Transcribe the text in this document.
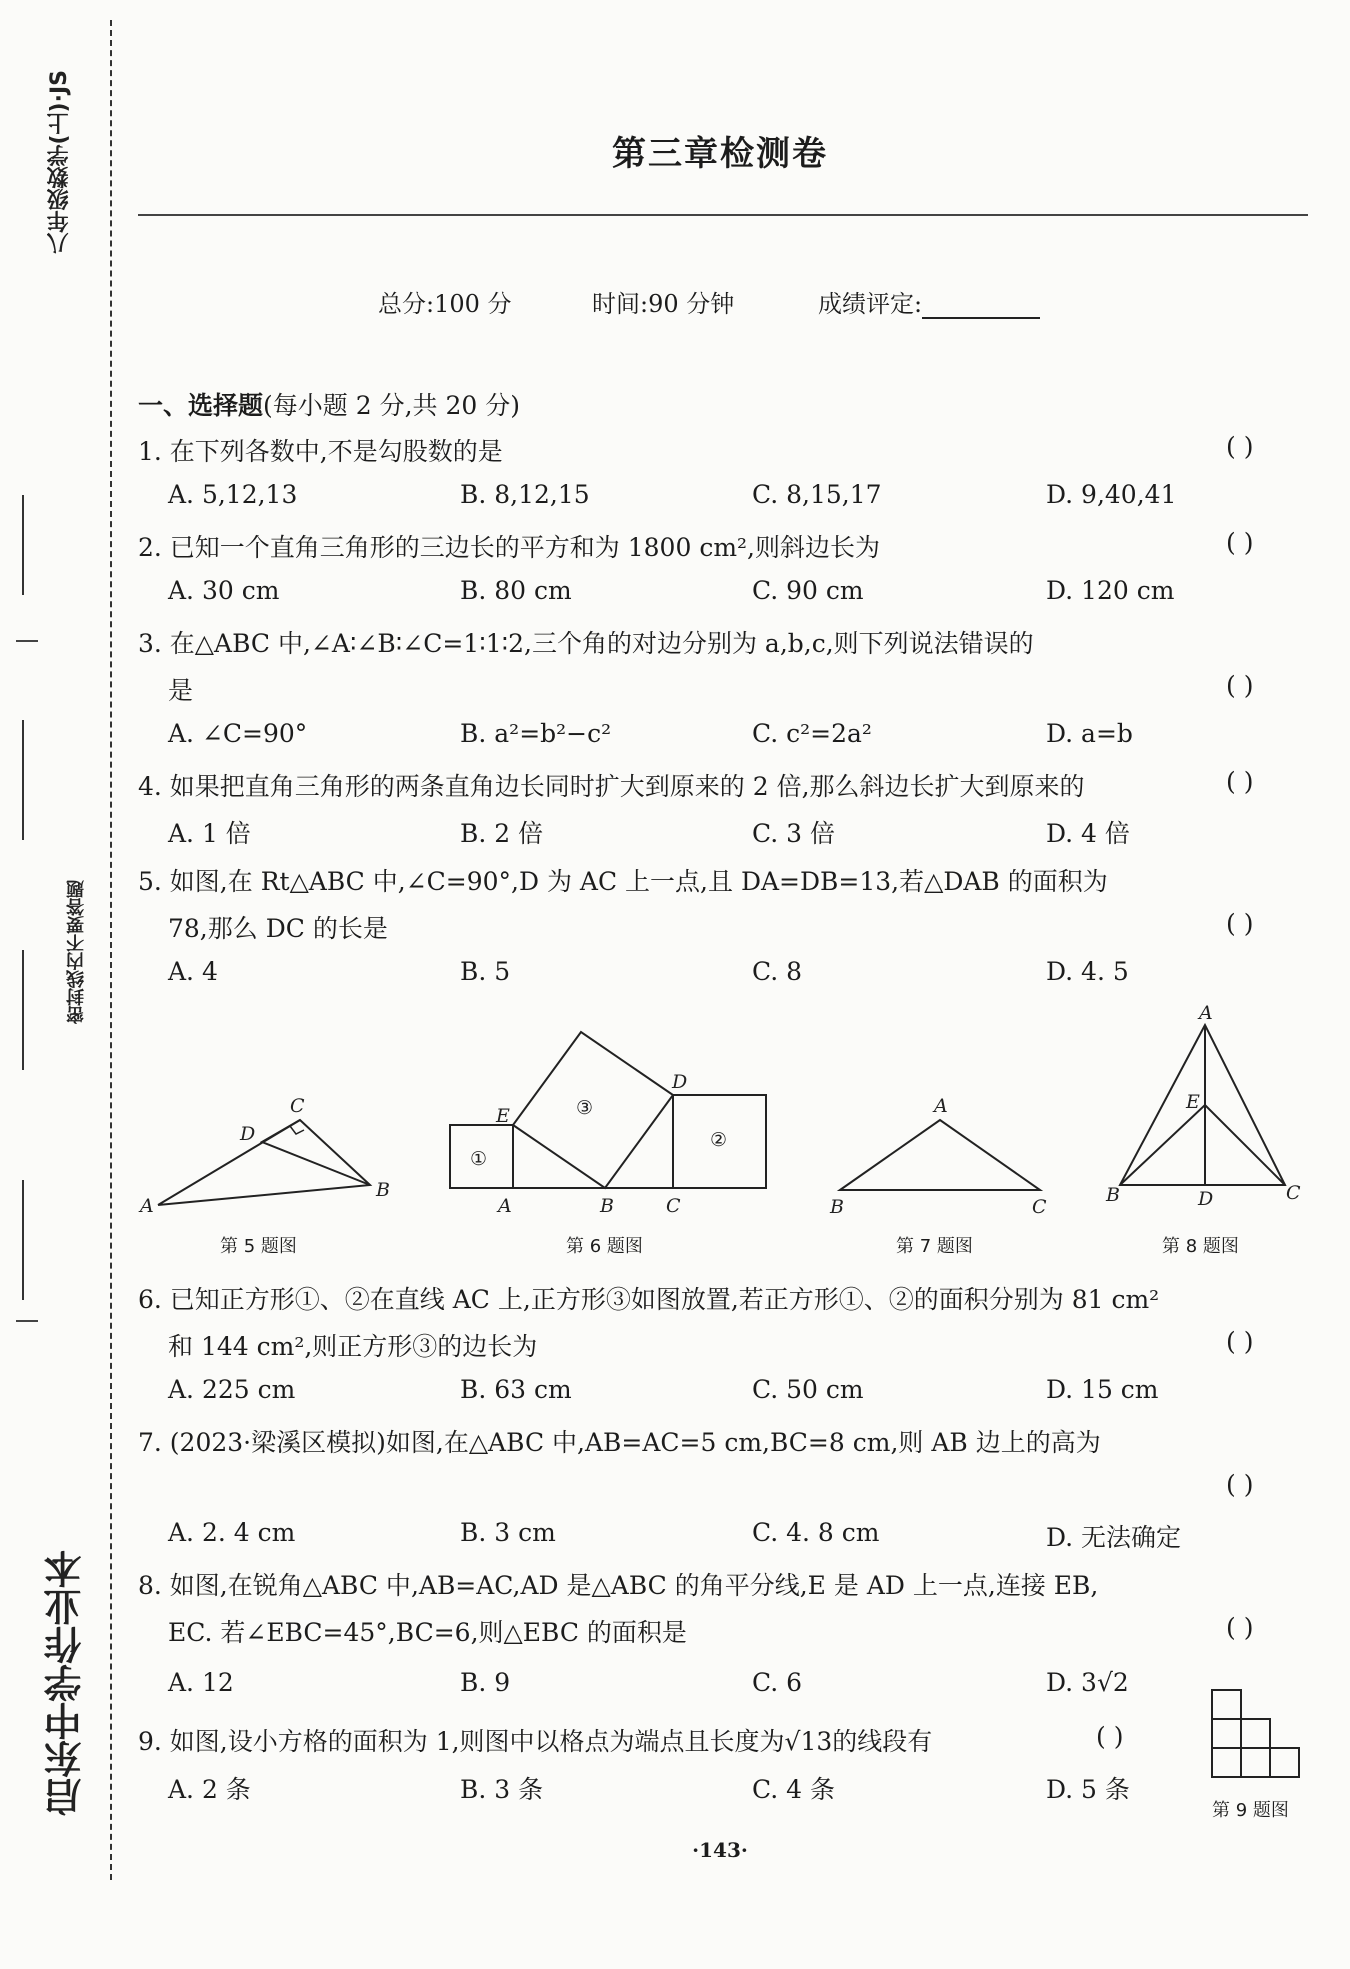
八年级数学(上)·JS
密封线内不要答题
启东中学作业本
第三章检测卷
总分:100 分	时间:90 分钟	成绩评定:
一、选择题(每小题 2 分,共 20 分)
1. 在下列各数中,不是勾股数的是	( )
A. 5,12,13	B. 8,12,15	C. 8,15,17	D. 9,40,41
2. 已知一个直角三角形的三边长的平方和为 1800 cm²,则斜边长为	( )
A. 30 cm	B. 80 cm	C. 90 cm	D. 120 cm
3. 在△ABC 中,∠A∶∠B∶∠C=1∶1∶2,三个角的对边分别为 a,b,c,则下列说法错误的
是	( )
A. ∠C=90°	B. a²=b²−c²	C. c²=2a²	D. a=b
4. 如果把直角三角形的两条直角边长同时扩大到原来的 2 倍,那么斜边长扩大到原来的	( )
A. 1 倍	B. 2 倍	C. 3 倍	D. 4 倍
5. 如图,在 Rt△ABC 中,∠C=90°,D 为 AC 上一点,且 DA=DB=13,若△DAB 的面积为
78,那么 DC 的长是	( )
A. 4	B. 5	C. 8	D. 4. 5
A
B
C
D
第 5 题图
A	B	C
D
E
①
②
③
第 6 题图
A
B	C
第 7 题图
A
B	C
D
E
第 8 题图
6. 已知正方形①、②在直线 AC 上,正方形③如图放置,若正方形①、②的面积分别为 81 cm²
和 144 cm²,则正方形③的边长为	( )
A. 225 cm	B. 63 cm	C. 50 cm	D. 15 cm
7. (2023·梁溪区模拟)如图,在△ABC 中,AB=AC=5 cm,BC=8 cm,则 AB 边上的高为
( )
A. 2. 4 cm	B. 3 cm	C. 4. 8 cm	D. 无法确定
8. 如图,在锐角△ABC 中,AB=AC,AD 是△ABC 的角平分线,E 是 AD 上一点,连接 EB,
EC. 若∠EBC=45°,BC=6,则△EBC 的面积是	( )
A. 12	B. 9	C. 6	D. 3√2
9. 如图,设小方格的面积为 1,则图中以格点为端点且长度为√13的线段有	( )
A. 2 条	B. 3 条	C. 4 条	D. 5 条
第 9 题图
·143·
